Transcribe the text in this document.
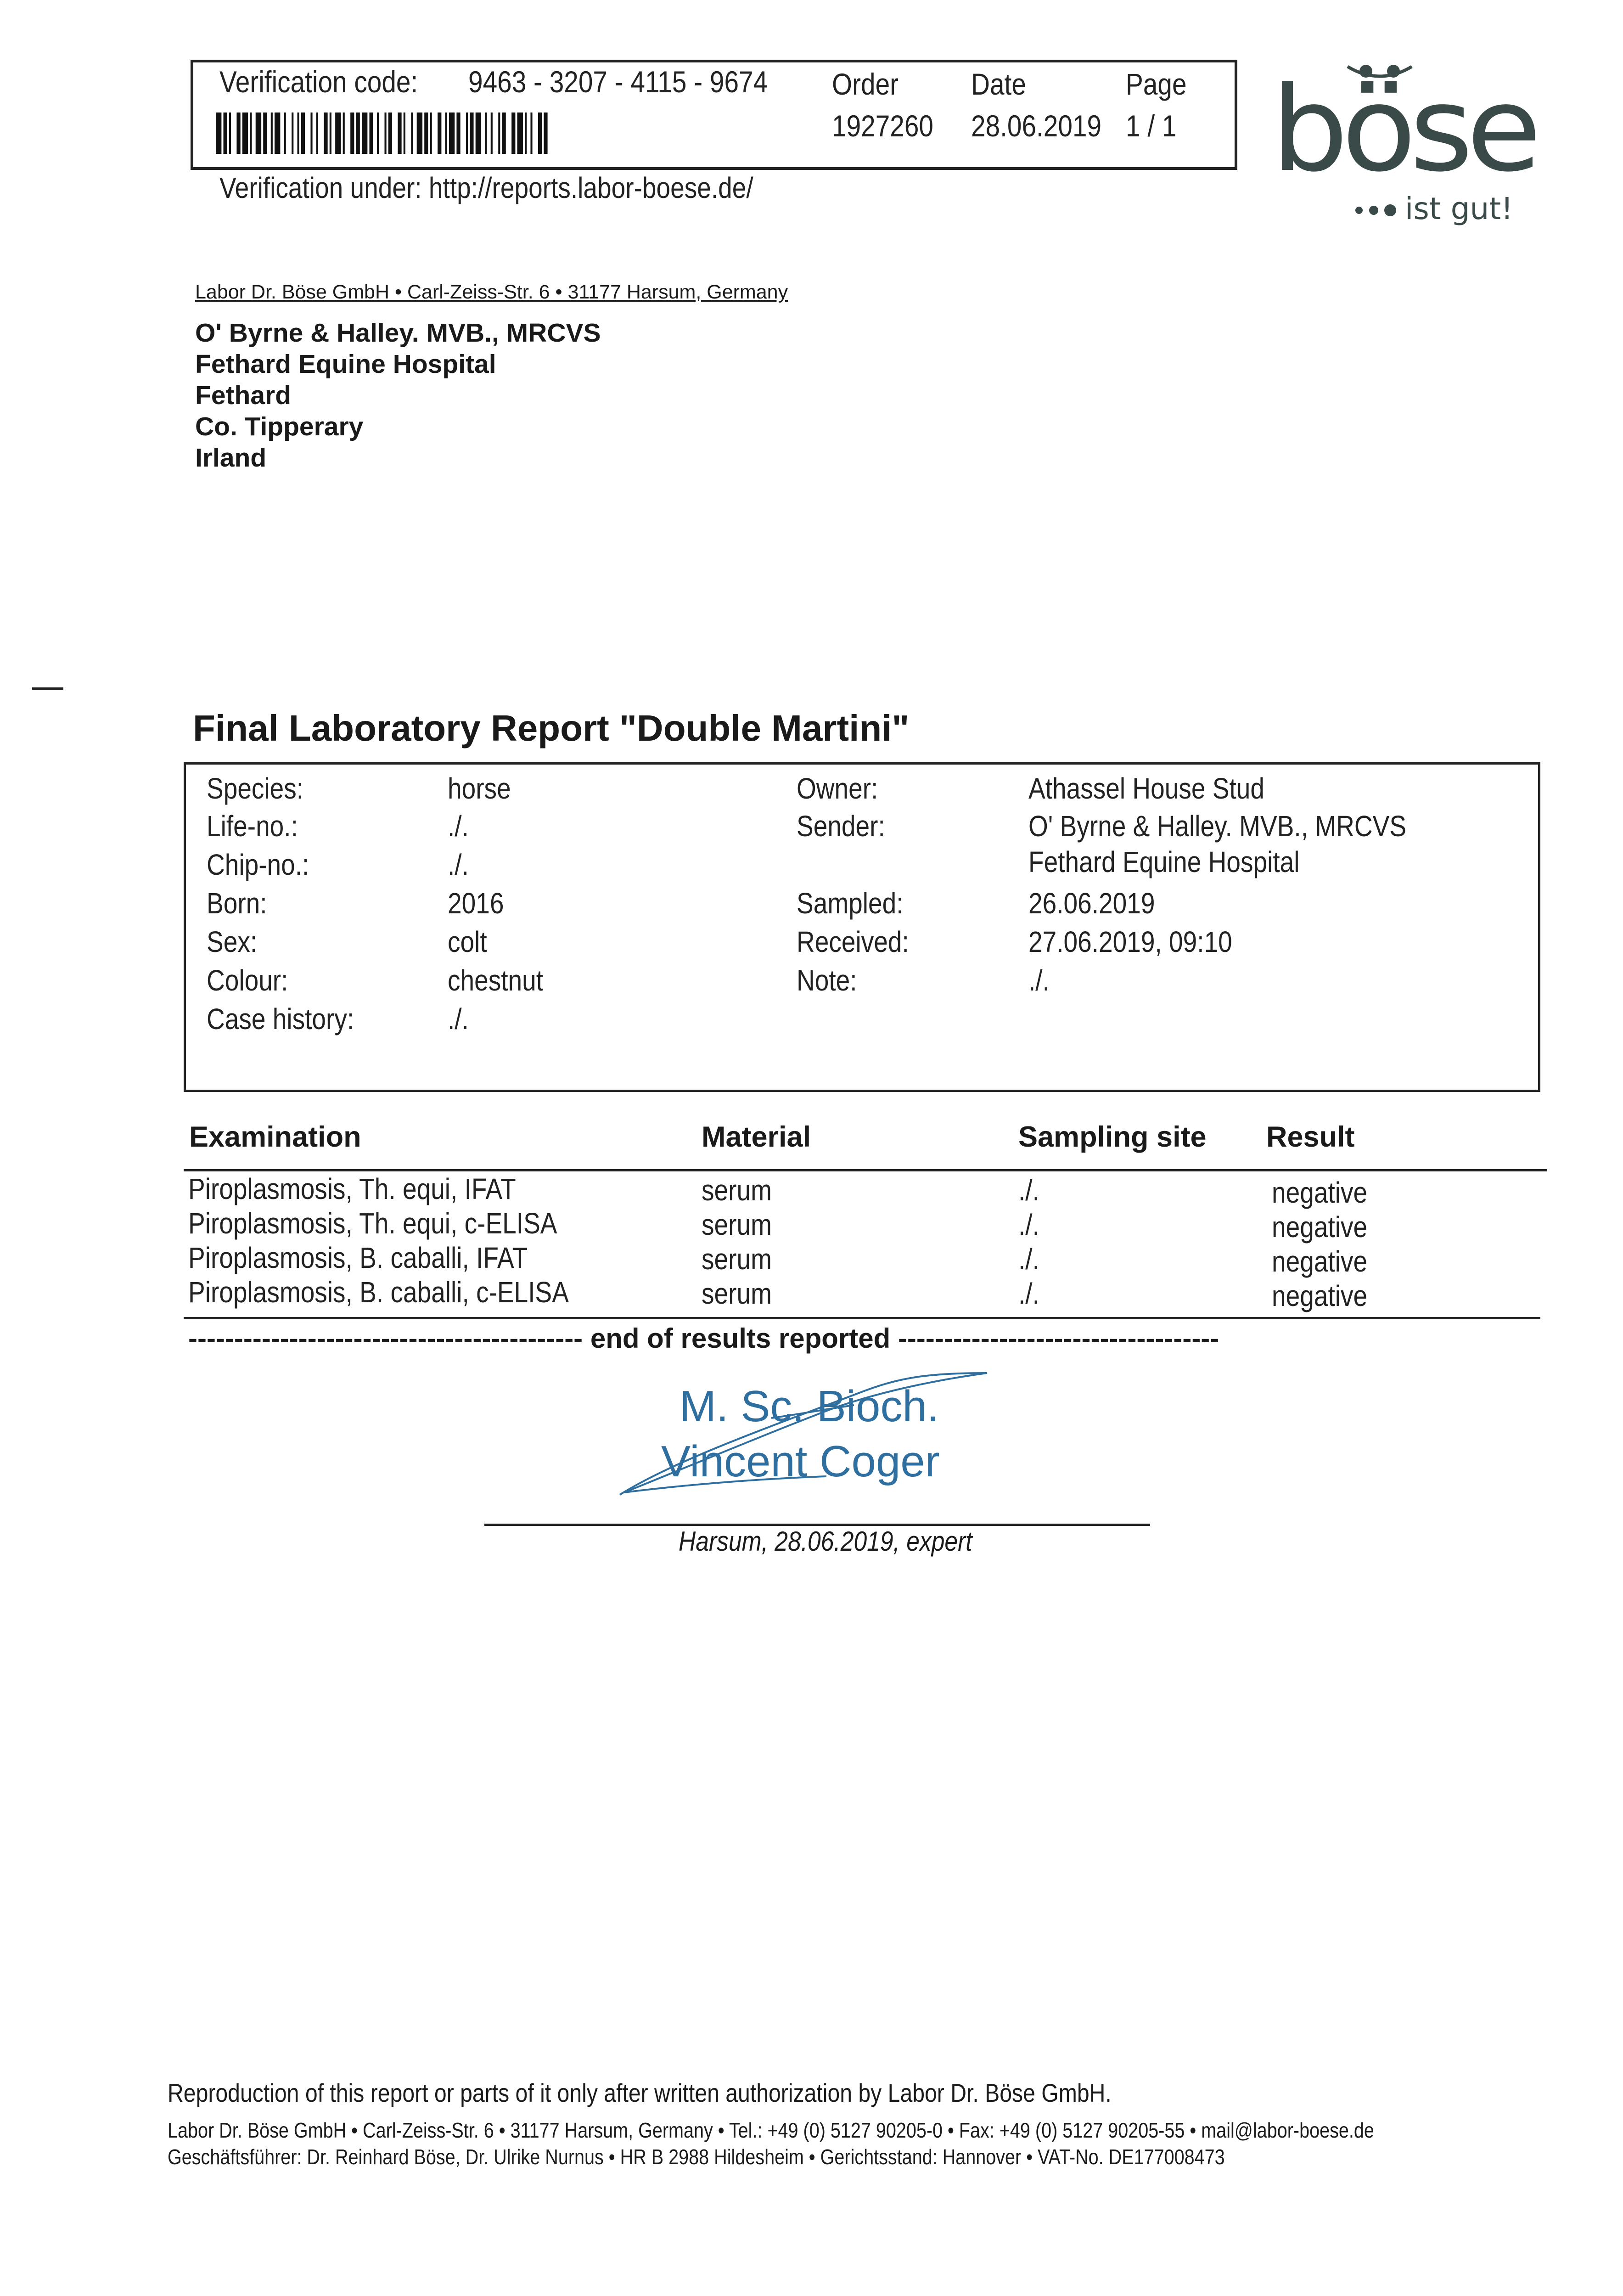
Verification code: 9463 - 3207 - 4115 - 9674 Order
1927260
Date
28.06.2019
Page
1 / 1
Verification under: http://reports.labor-boese.de/	böse
ist gut!
Labor Dr. Böse GmbH • Carl-Zeiss-Str. 6 • 31177 Harsum, Germany
O' Byrne & Halley. MVB., MRCVS
Fethard Equine Hospital
Fethard
Co. Tipperary
Irland
Final Laboratory Report "Double Martini"
Species:	horse
Life-no.:	./.
Chip-no.:	./.
Born:	2016
Sex:	colt
Colour:	chestnut
Case history:	./.
Owner:	Athassel House Stud
Sender:	O' Byrne & Halley. MVB., MRCVS
Fethard Equine Hospital
Sampled:	26.06.2019
Received:	27.06.2019, 09:10
Note:	./.
Examination	Material	Sampling site Result
Piroplasmosis, Th. equi, IFAT	serum	./.	negative
Piroplasmosis, Th. equi, c-ELISA	serum	./.	negative
Piroplasmosis, B. caballi, IFAT	serum	./.	negative
Piroplasmosis, B. caballi, c-ELISA	serum	./.	negative
------------------------------------------- end of results reported -----------------------------------
M. Sc. Bioch.
Vincent Coger
Harsum, 28.06.2019, expert
Reproduction of this report or parts of it only after written authorization by Labor Dr. Böse GmbH.
Labor Dr. Böse GmbH • Carl-Zeiss-Str. 6 • 31177 Harsum, Germany • Tel.: +49 (0) 5127 90205-0 • Fax: +49 (0) 5127 90205-55 • mail@labor-boese.de
Geschäftsführer: Dr. Reinhard Böse, Dr. Ulrike Nurnus • HR B 2988 Hildesheim • Gerichtsstand: Hannover • VAT-No. DE177008473
